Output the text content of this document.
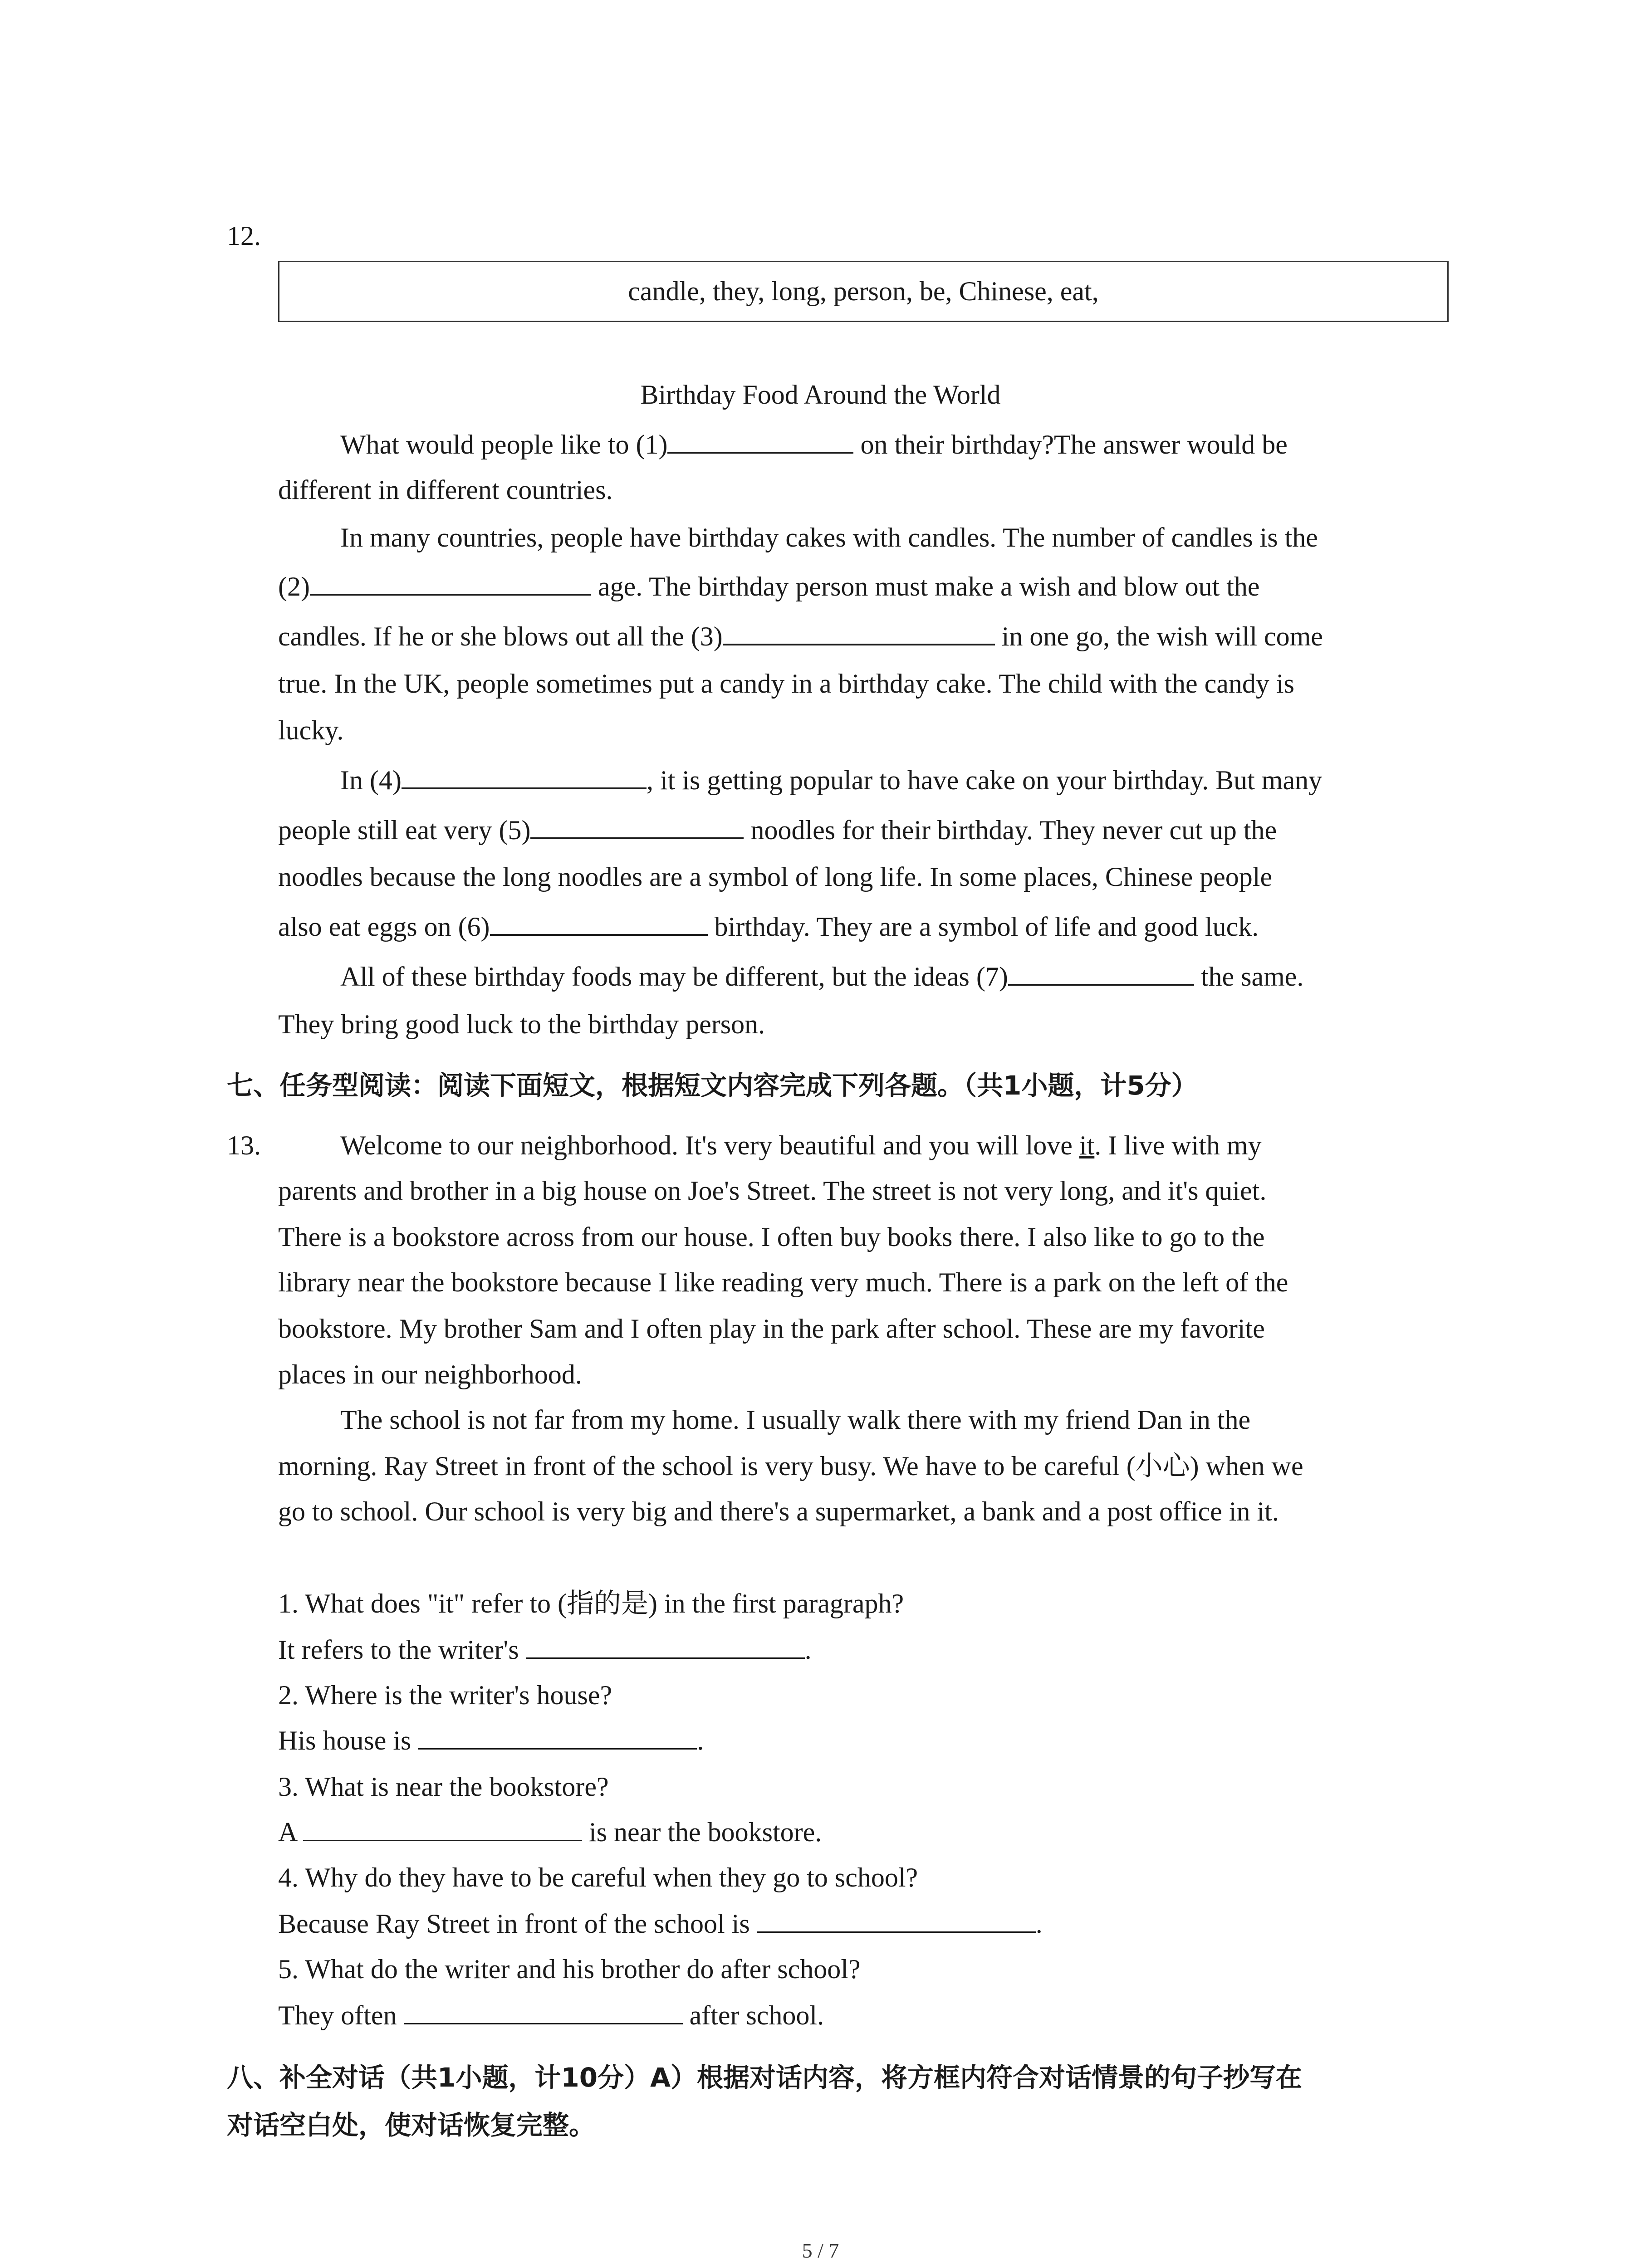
12.
candle, they, long, person, be, Chinese, eat,
Birthday Food Around the World
What would people like to (1)	on their birthday?The answer would be
different in different countries.
In many countries, people have birthday cakes with candles. The number of candles is the
(2)	age. The birthday person must make a wish and blow out the
candles. If he or she blows out all the (3)	in one go, the wish will come
true. In the UK, people sometimes put a candy in a birthday cake. The child with the candy is
lucky.
In (4)	, it is getting popular to have cake on your birthday. But many
people still eat very (5)	noodles for their birthday. They never cut up the
noodles because the long noodles are a symbol of long life. In some places, Chinese people
also eat eggs on (6)	birthday. They are a symbol of life and good luck.
All of these birthday foods may be different, but the ideas (7)	the same.
They bring good luck to the birthday person.
七、任务型阅读：阅读下面短文，根据短文内容完成下列各题。（共1小题，计5分）
13.	Welcome to our neighborhood. It's very beautiful and you will love it. I live with my
parents and brother in a big house on Joe's Street. The street is not very long, and it's quiet.
There is a bookstore across from our house. I often buy books there. I also like to go to the
library near the bookstore because I like reading very much. There is a park on the left of the
bookstore. My brother Sam and I often play in the park after school. These are my favorite
places in our neighborhood.
The school is not far from my home. I usually walk there with my friend Dan in the
morning. Ray Street in front of the school is very busy. We have to be careful (小心) when we
go to school. Our school is very big and there's a supermarket, a bank and a post office in it.
1. What does "it" refer to (指的是) in the first paragraph?
It refers to the writer's	.
2. Where is the writer's house?
His house is	.
3. What is near the bookstore?
A	is near the bookstore.
4. Why do they have to be careful when they go to school?
Because Ray Street in front of the school is	.
5. What do the writer and his brother do after school?
They often	after school.
八、补全对话（共1小题，计10分）A）根据对话内容，将方框内符合对话情景的句子抄写在
对话空白处，使对话恢复完整。
5 / 7
